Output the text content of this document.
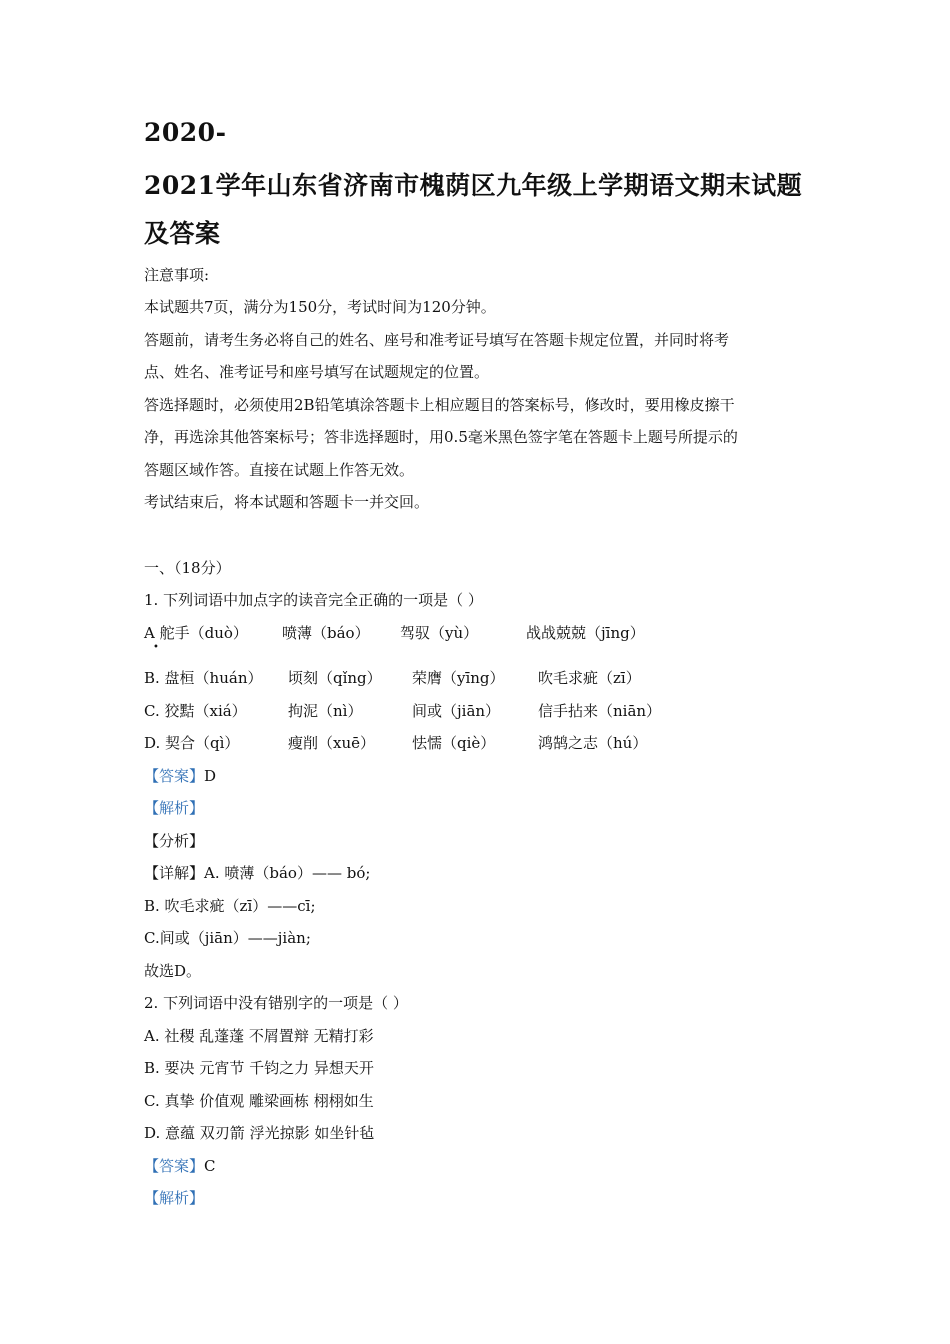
2020-
2021学年山东省济南市槐荫区九年级上学期语文期末试题
及答案
注意事项:
本试题共7页，满分为150分，考试时间为120分钟。
答题前，请考生务必将自己的姓名、座号和准考证号填写在答题卡规定位置，并同时将考
点、姓名、准考证号和座号填写在试题规定的位置。
答选择题时，必须使用2B铅笔填涂答题卡上相应题目的答案标号，修改时，要用橡皮擦干
净，再选涂其他答案标号；答非选择题时，用0.5毫米黑色签字笔在答题卡上题号所提示的
答题区域作答。直接在试题上作答无效。
考试结束后，将本试题和答题卡一并交回。
一、（18分）
1. 下列词语中加点字的读音完全正确的一项是（ ）
A 舵手（duò） 喷薄（báo） 驾驭（yù）	战战兢兢（jīng）
•
B. 盘桓（huán） 顷刻（qǐng） 荣膺（yīng） 吹毛求疵（zī）
C. 狡黠（xiá）	拘泥（nì）	间或（jiān）	信手拈来（niān）
D. 契合（qì）	瘦削（xuē） 怯懦（qiè）	鸿鹄之志（hú）
【答案】D
【解析】
【分析】
【详解】A. 喷薄（báo）—— bó;
B. 吹毛求疵（zī）——cī;
C.间或（jiān）——jiàn;
故选D。
2. 下列词语中没有错别字的一项是（ ）
A. 社稷 乱蓬蓬 不屑置辩 无精打彩
B. 要决 元宵节 千钧之力 异想天开
C. 真挚 价值观 雕梁画栋 栩栩如生
D. 意蕴 双刃箭 浮光掠影 如坐针毡
【答案】C
【解析】
